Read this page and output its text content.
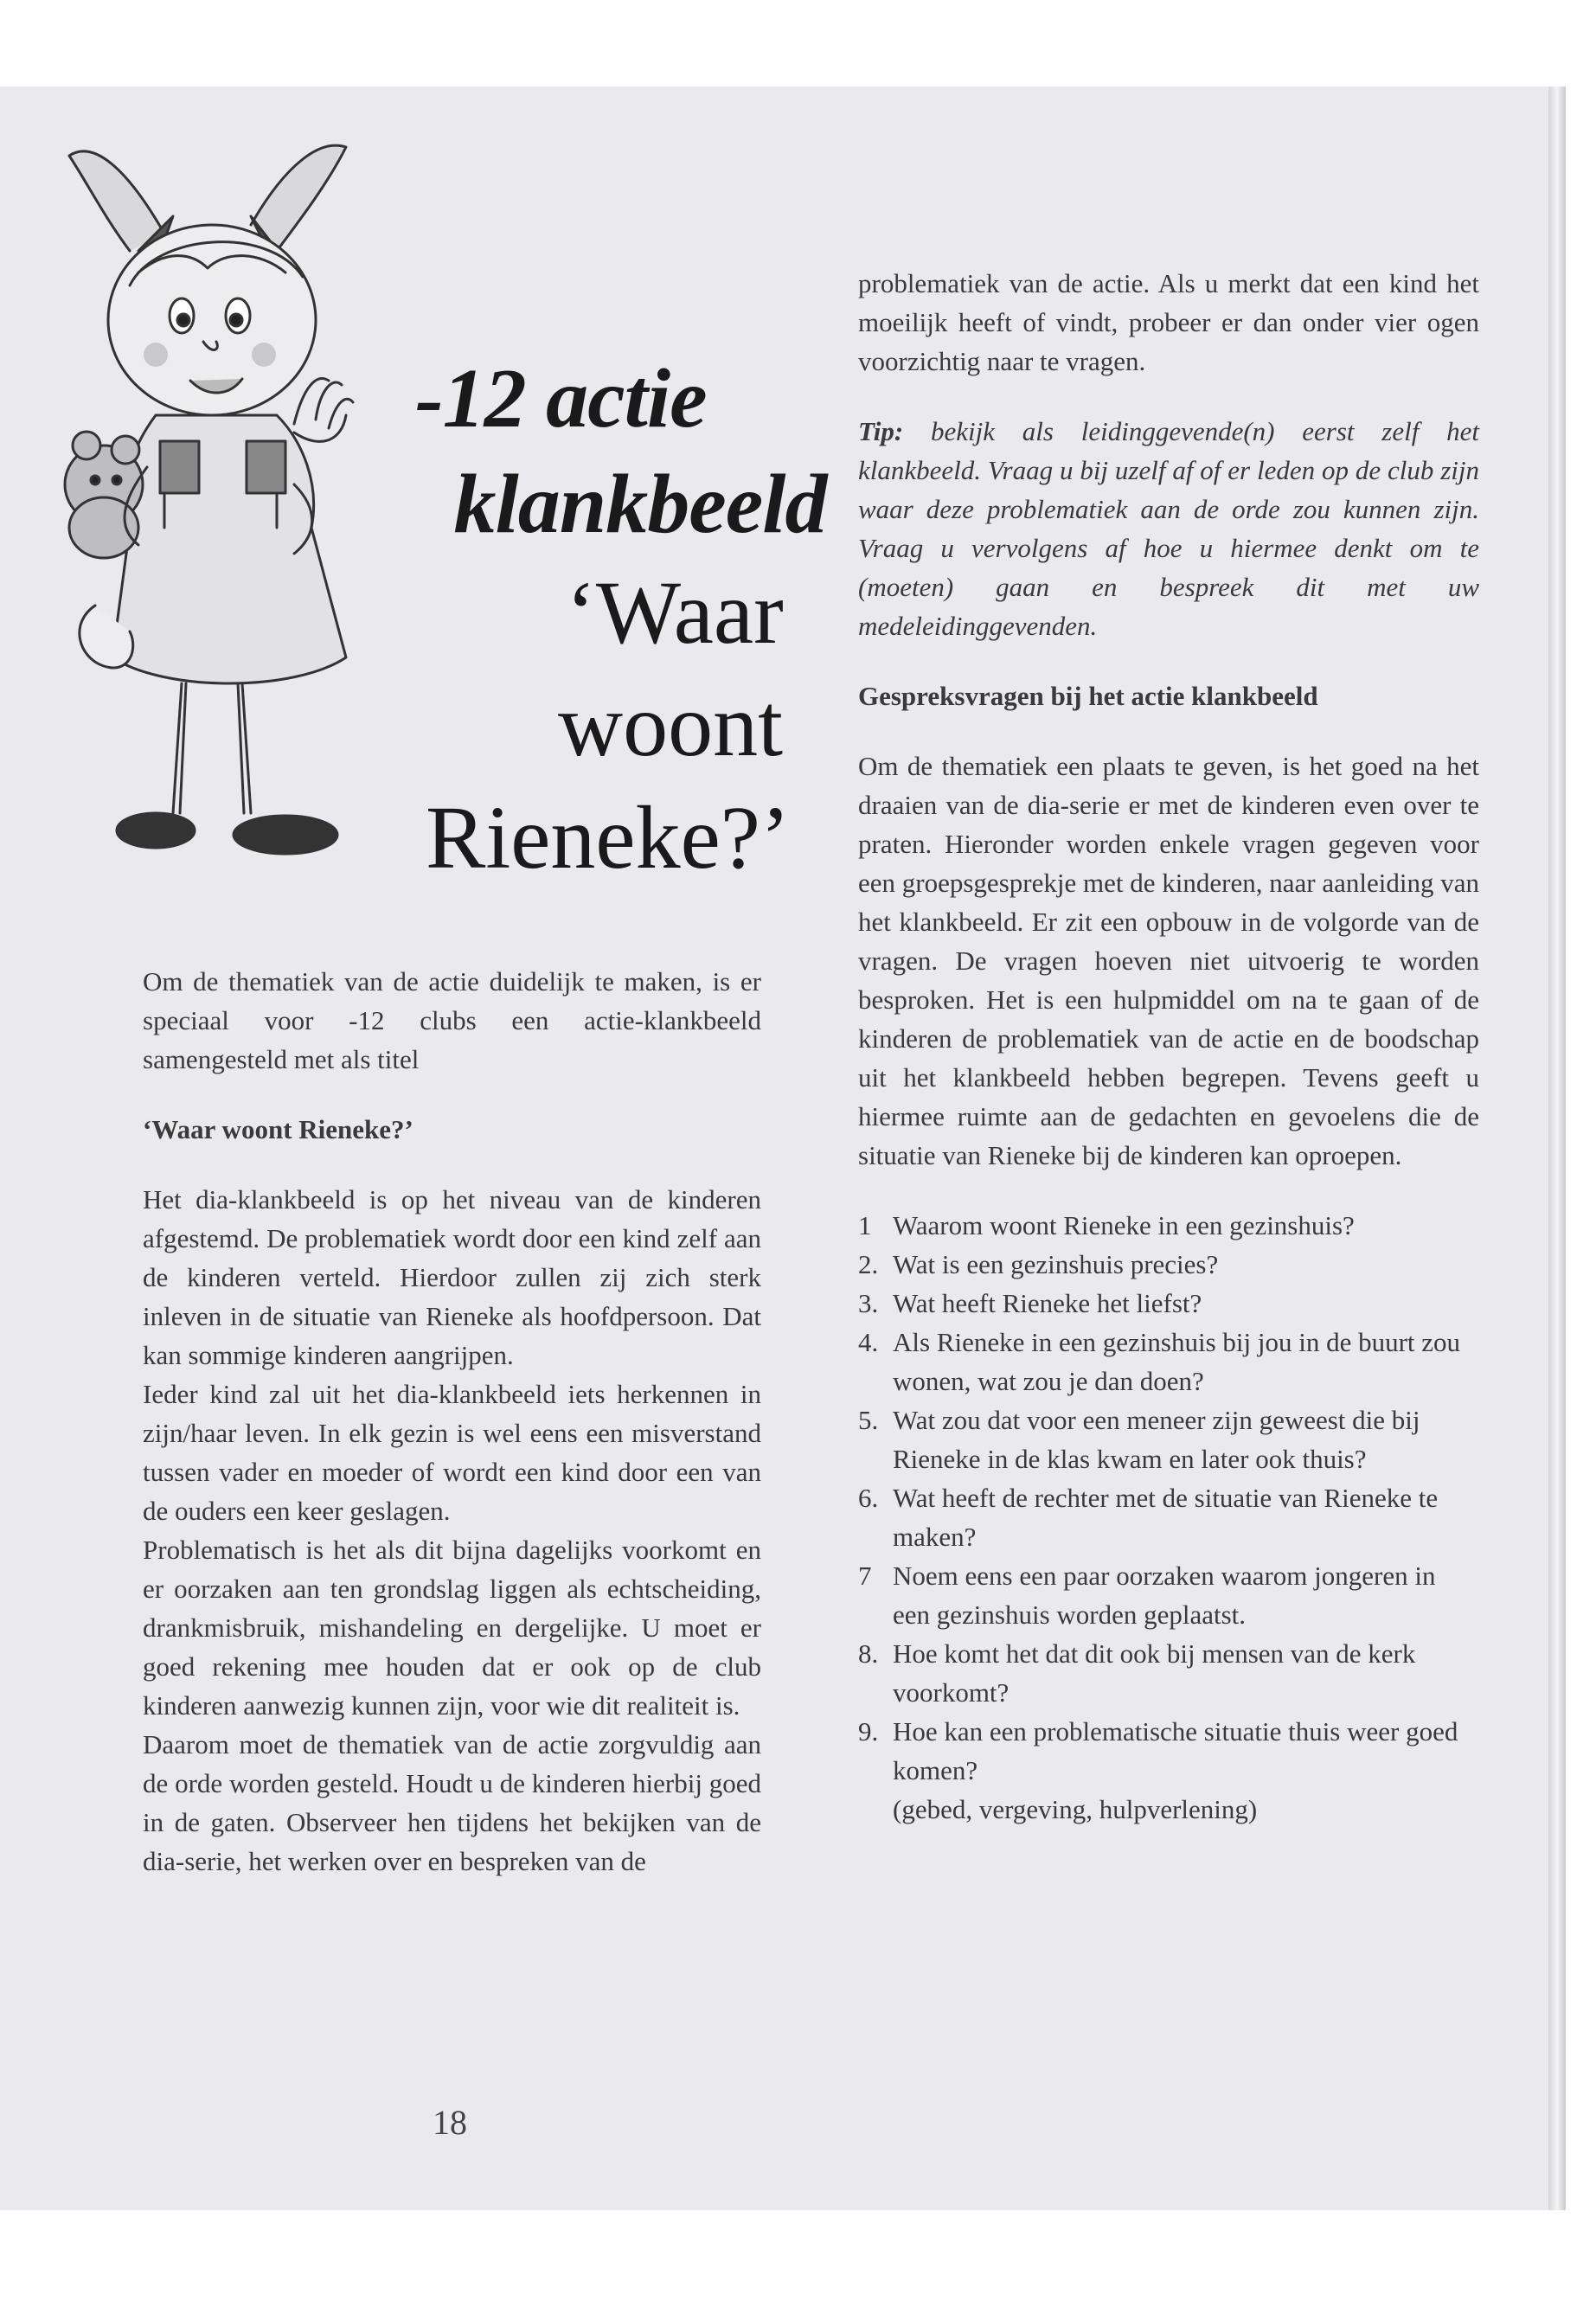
-12 actie
klankbeeld
‘Waar
woont
Rieneke?’

Om de thematiek van de actie duidelijk te maken, is er speciaal voor -12 clubs een actie-klankbeeld samengesteld met als titel

‘Waar woont Rieneke?’

Het dia-klankbeeld is op het niveau van de kinderen afgestemd. De problematiek wordt door een kind zelf aan de kinderen verteld. Hierdoor zullen zij zich sterk inleven in de situatie van Rieneke als hoofdpersoon. Dat kan sommige kinderen aangrijpen.

Ieder kind zal uit het dia-klankbeeld iets herkennen in zijn/haar leven. In elk gezin is wel eens een misverstand tussen vader en moeder of wordt een kind door een van de ouders een keer geslagen.

Problematisch is het als dit bijna dagelijks voorkomt en er oorzaken aan ten grondslag liggen als echtscheiding, drankmisbruik, mishandeling en dergelijke. U moet er goed rekening mee houden dat er ook op de club kinderen aanwezig kunnen zijn, voor wie dit realiteit is.

Daarom moet de thematiek van de actie zorgvuldig aan de orde worden gesteld. Houdt u de kinderen hierbij goed in de gaten. Observeer hen tijdens het bekijken van de dia-serie, het werken over en bespreken van de

problematiek van de actie. Als u merkt dat een kind het moeilijk heeft of vindt, probeer er dan onder vier ogen voorzichtig naar te vragen.

Tip: bekijk als leidinggevende(n) eerst zelf het klankbeeld. Vraag u bij uzelf af of er leden op de club zijn waar deze problematiek aan de orde zou kunnen zijn. Vraag u vervolgens af hoe u hiermee denkt om te (moeten) gaan en bespreek dit met uw medeleidinggevenden.

Gespreksvragen bij het actie klankbeeld

Om de thematiek een plaats te geven, is het goed na het draaien van de dia-serie er met de kinderen even over te praten. Hieronder worden enkele vragen gegeven voor een groepsgesprekje met de kinderen, naar aanleiding van het klankbeeld. Er zit een opbouw in de volgorde van de vragen. De vragen hoeven niet uitvoerig te worden besproken. Het is een hulpmiddel om na te gaan of de kinderen de problematiek van de actie en de boodschap uit het klankbeeld hebben begrepen. Tevens geeft u hiermee ruimte aan de gedachten en gevoelens die de situatie van Rieneke bij de kinderen kan oproepen.

1 Waarom woont Rieneke in een gezinshuis?
2. Wat is een gezinshuis precies?
3. Wat heeft Rieneke het liefst?
4. Als Rieneke in een gezinshuis bij jou in de buurt zou wonen, wat zou je dan doen?
5. Wat zou dat voor een meneer zijn geweest die bij Rieneke in de klas kwam en later ook thuis?
6. Wat heeft de rechter met de situatie van Rieneke te maken?
7 Noem eens een paar oorzaken waarom jongeren in een gezinshuis worden geplaatst.
8. Hoe komt het dat dit ook bij mensen van de kerk voorkomt?
9. Hoe kan een problematische situatie thuis weer goed komen?
(gebed, vergeving, hulpverlening)
18
